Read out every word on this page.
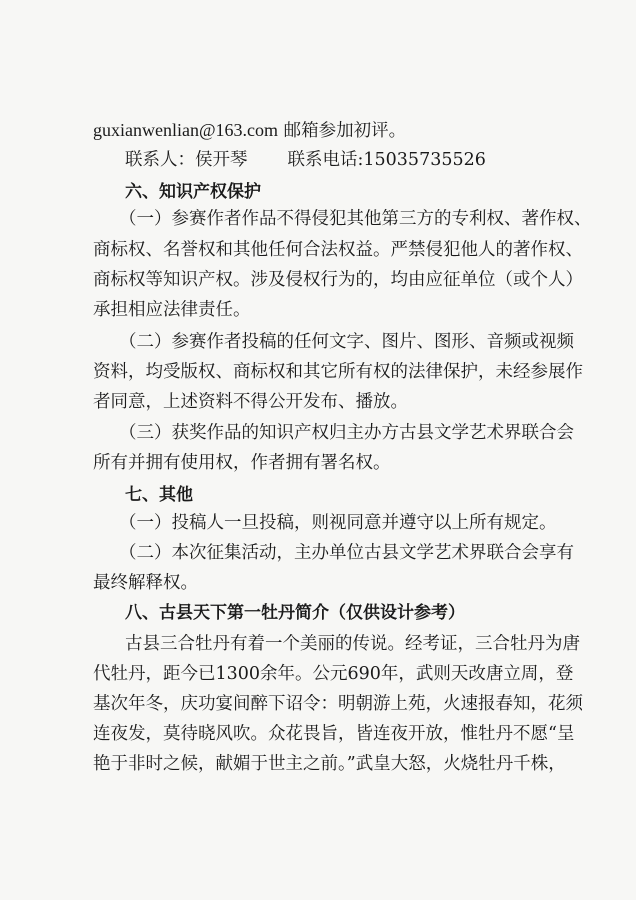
guxianwenlian@163.com 邮箱参加初评。
联系人：侯开琴 联系电话:15035735526
六、知识产权保护
（一）参赛作者作品不得侵犯其他第三方的专利权、著作权、
商标权、名誉权和其他任何合法权益。严禁侵犯他人的著作权、
商标权等知识产权。涉及侵权行为的，均由应征单位（或个人）
承担相应法律责任。
（二）参赛作者投稿的任何文字、图片、图形、音频或视频
资料，均受版权、商标权和其它所有权的法律保护，未经参展作
者同意，上述资料不得公开发布、播放。
（三）获奖作品的知识产权归主办方古县文学艺术界联合会
所有并拥有使用权，作者拥有署名权。
七、其他
（一）投稿人一旦投稿，则视同意并遵守以上所有规定。
（二）本次征集活动，主办单位古县文学艺术界联合会享有
最终解释权。
八、古县天下第一牡丹简介（仅供设计参考）
古县三合牡丹有着一个美丽的传说。经考证，三合牡丹为唐
代牡丹，距今已1300余年。公元690年，武则天改唐立周，登
基次年冬，庆功宴间醉下诏令：明朝游上苑，火速报春知，花须
连夜发，莫待晓风吹。众花畏旨，皆连夜开放，惟牡丹不愿“呈
艳于非时之候，献媚于世主之前。”武皇大怒，火烧牡丹千株，
